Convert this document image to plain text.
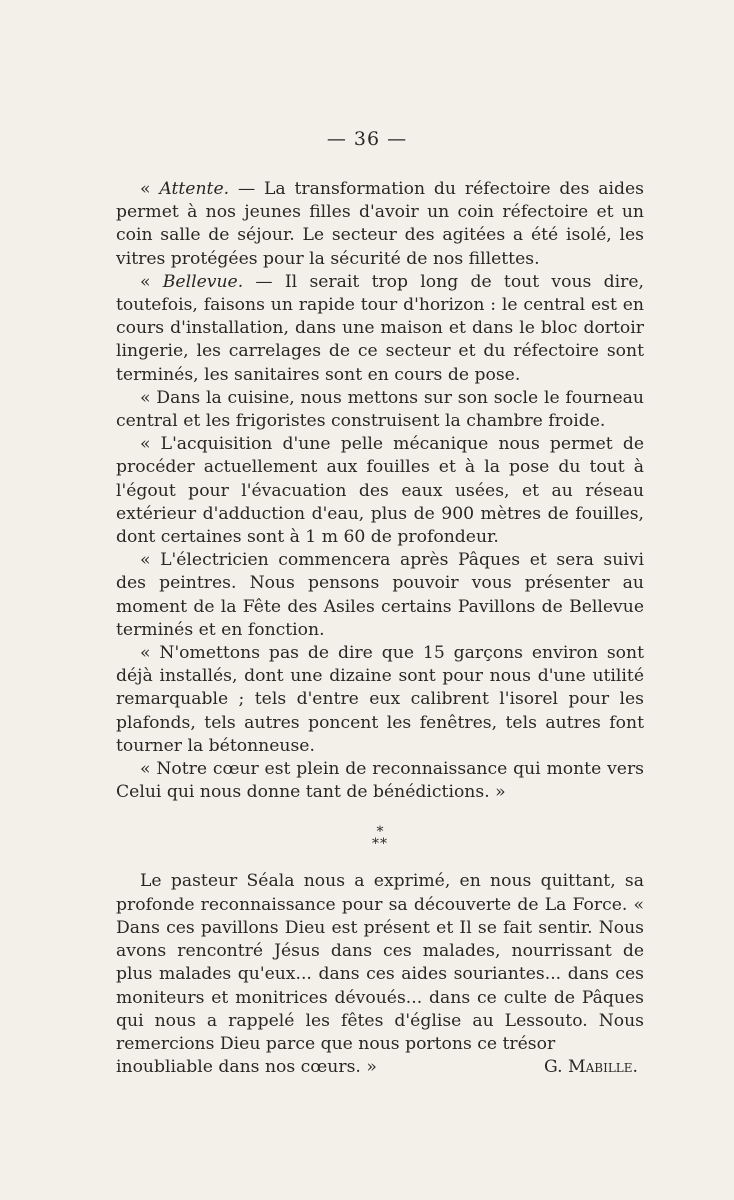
— 36 —

« Attente. — La transformation du réfectoire des aides permet à nos jeunes filles d'avoir un coin réfectoire et un coin salle de séjour. Le secteur des agitées a été isolé, les vitres protégées pour la sécurité de nos fillettes.

« Bellevue. — Il serait trop long de tout vous dire, toutefois, faisons un rapide tour d'horizon : le central est en cours d'installation, dans une maison et dans le bloc dortoir lingerie, les carrelages de ce secteur et du réfectoire sont terminés, les sanitaires sont en cours de pose.

« Dans la cuisine, nous mettons sur son socle le fourneau central et les frigoristes construisent la chambre froide.

« L'acquisition d'une pelle mécanique nous permet de procéder actuellement aux fouilles et à la pose du tout à l'égout pour l'évacuation des eaux usées, et au réseau extérieur d'adduction d'eau, plus de 900 mètres de fouilles, dont certaines sont à 1 m 60 de profondeur.

« L'électricien commencera après Pâques et sera suivi des peintres. Nous pensons pouvoir vous présenter au moment de la Fête des Asiles certains Pavillons de Bellevue terminés et en fonction.

« N'omettons pas de dire que 15 garçons environ sont déjà installés, dont une dizaine sont pour nous d'une utilité remarquable ; tels d'entre eux calibrent l'isorel pour les plafonds, tels autres poncent les fenêtres, tels autres font tourner la bétonneuse.

« Notre cœur est plein de reconnaissance qui monte vers Celui qui nous donne tant de bénédictions. »

*
**

Le pasteur Séala nous a exprimé, en nous quittant, sa profonde reconnaissance pour sa découverte de La Force. « Dans ces pavillons Dieu est présent et Il se fait sentir. Nous avons rencontré Jésus dans ces malades, nourrissant de plus malades qu'eux... dans ces aides souriantes... dans ces moniteurs et monitrices dévoués... dans ce culte de Pâques qui nous a rappelé les fêtes d'église au Lessouto. Nous remercions Dieu parce que nous portons ce trésor

inoubliable dans nos cœurs. »	G. Mabille.
